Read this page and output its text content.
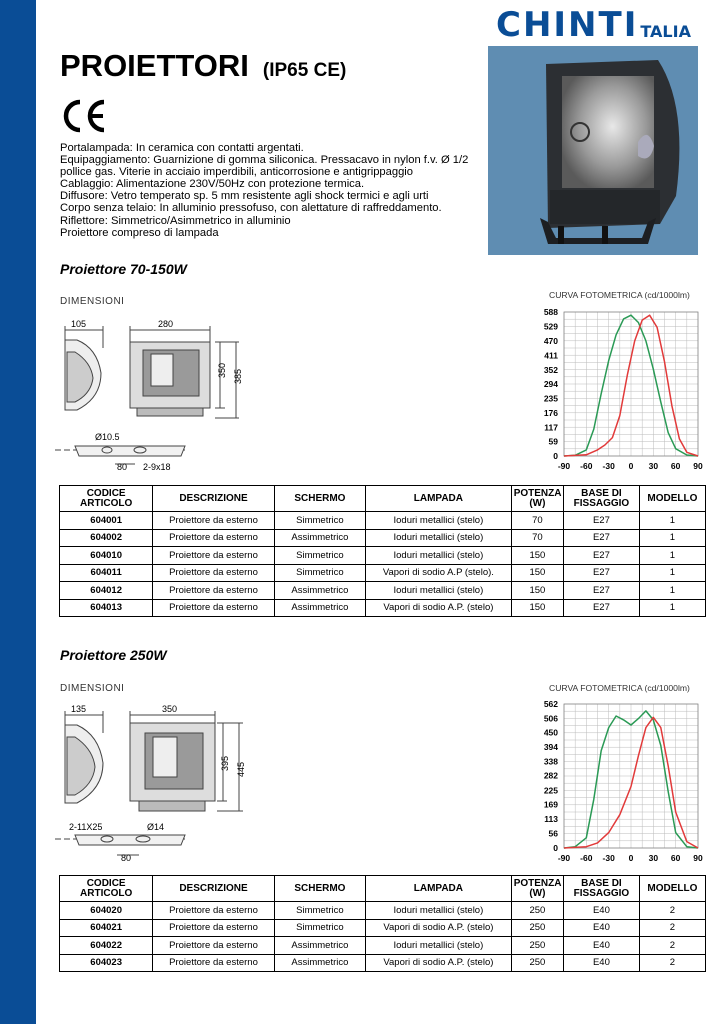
CHINTI TALIA
PROIETTORI (IP65 CE)
Portalampada: In ceramica con contatti argentati.
Equipaggiamento: Guarnizione di gomma siliconica. Pressacavo in nylon f.v. Ø 1/2
pollice gas. Viterie in acciaio imperdibili, anticorrosione e antigrippaggio
Cablaggio: Alimentazione 230V/50Hz con protezione termica.
Diffusore: Vetro temperato sp. 5 mm resistente agli shock termici e agli urti
Corpo senza telaio: In alluminio pressofuso, con alettature di raffreddamento.
Riflettore: Simmetrico/Asimmetrico in alluminio
Proiettore compreso di lampada
Proiettore 70-150W
DIMENSIONI
CURVA FOTOMETRICA (cd/1000lm)
105	280
350 385
Ø10.5
80 2-9x18
0
59
117
176
235
294
352
411
470
529
588
-90 -60 -30 0 30 60 90
CODICE ARTICOLO	DESCRIZIONE	SCHERMO	LAMPADA	POTENZA (W)	BASE DI FISSAGGIO	MODELLO
604001	Proiettore da esterno	Simmetrico	Ioduri metallici (stelo)	70	E27	1
604002	Proiettore da esterno	Assimmetrico	Ioduri metallici (stelo)	70	E27	1
604010	Proiettore da esterno	Simmetrico	Ioduri metallici (stelo)	150	E27	1
604011	Proiettore da esterno	Simmetrico	Vapori di sodio A.P (stelo).	150	E27	1
604012	Proiettore da esterno	Assimmetrico	Ioduri metallici (stelo)	150	E27	1
604013	Proiettore da esterno	Assimmetrico	Vapori di sodio A.P. (stelo)	150	E27	1
Proiettore 250W
DIMENSIONI	CURVA FOTOMETRICA (cd/1000lm)
135	350
395 445
2-11X25	Ø14
80
0
56
113
169
225
282
338
394
450
506
562
-90 -60 -30 0 30 60 90
CODICE ARTICOLO	DESCRIZIONE	SCHERMO	LAMPADA	POTENZA (W)	BASE DI FISSAGGIO	MODELLO
604020	Proiettore da esterno	Simmetrico	Ioduri metallici (stelo)	250	E40	2
604021	Proiettore da esterno	Simmetrico	Vapori di sodio A.P. (stelo)	250	E40	2
604022	Proiettore da esterno	Assimmetrico	Ioduri metallici (stelo)	250	E40	2
604023	Proiettore da esterno	Assimmetrico	Vapori di sodio A.P. (stelo)	250	E40	2
